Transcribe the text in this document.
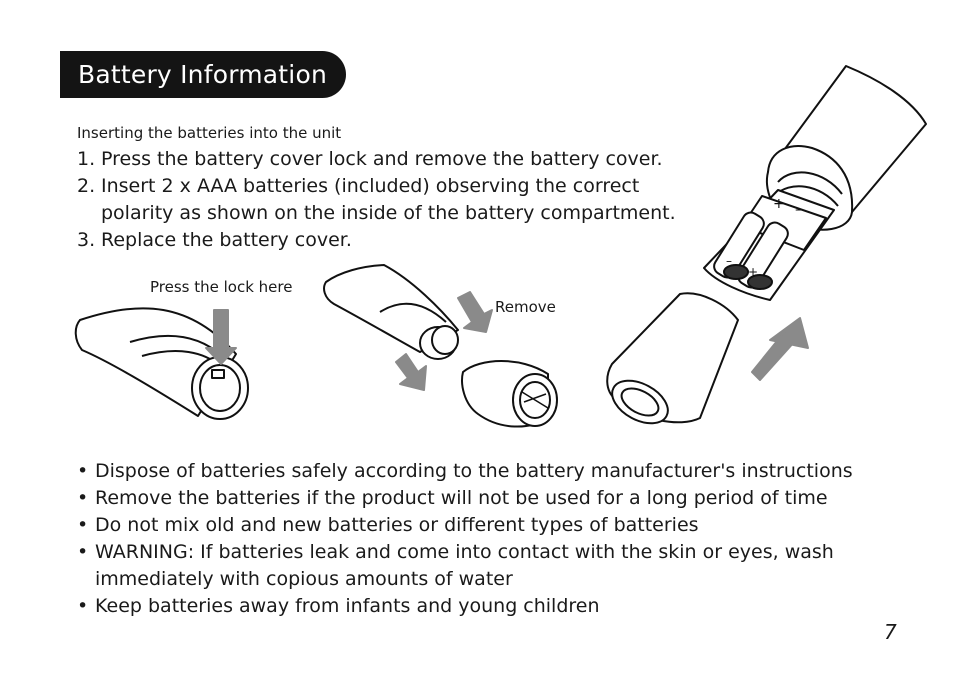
Battery Information
Inserting the batteries into the unit
1. Press the battery cover lock and remove the battery cover.
2. Insert 2 x AAA batteries (included) observing the correct polarity as shown on the inside of the battery compartment.
3. Replace the battery cover.
+ –
–
+
Press the lock here
Remove
• Dispose of batteries safely according to the battery manufacturer's instructions
• Remove the batteries if the product will not be used for a long period of time
• Do not mix old and new batteries or different types of batteries
• WARNING: If batteries leak and come into contact with the skin or eyes, wash immediately with copious amounts of water
• Keep batteries away from infants and young children
7
